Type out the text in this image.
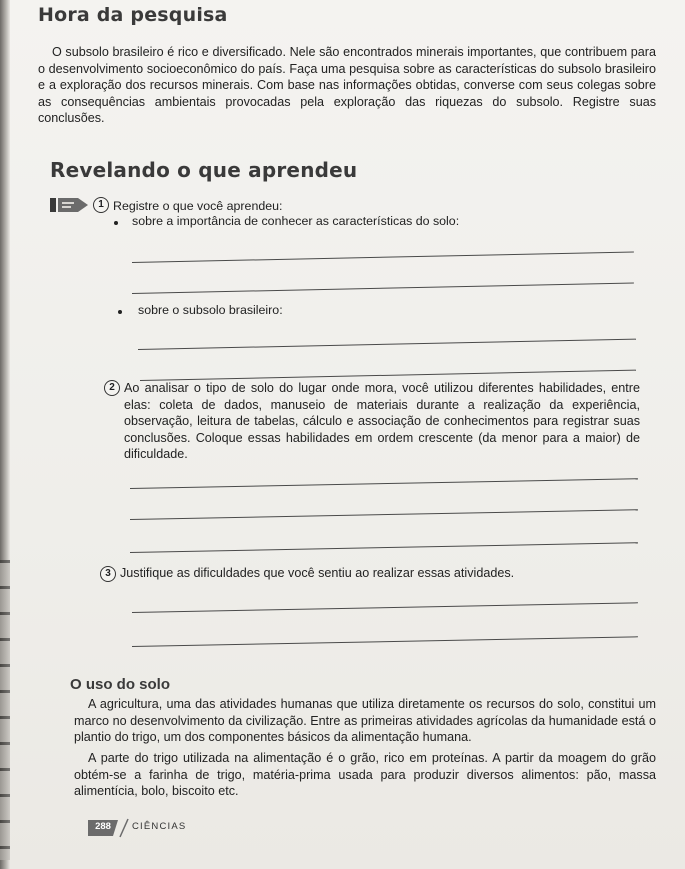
Hora da pesquisa

O subsolo brasileiro é rico e diversificado. Nele são encontrados minerais importantes, que contribuem para o desenvolvimento socioeconômico do país. Faça uma pesquisa sobre as características do subsolo brasileiro e a exploração dos recursos minerais. Com base nas informações obtidas, converse com seus colegas sobre as consequências ambientais provocadas pela exploração das riquezas do subsolo. Registre suas conclusões.

Revelando o que aprendeu
1 Registre o que você aprendeu:
sobre a importância de conhecer as características do solo:
sobre o subsolo brasileiro:
2 Ao analisar o tipo de solo do lugar onde mora, você utilizou diferentes habilidades, entre elas: coleta de dados, manuseio de materiais durante a realização da experiência, observação, leitura de tabelas, cálculo e associação de conhecimentos para registrar suas conclusões. Coloque essas habilidades em ordem crescente (da menor para a maior) de dificuldade.

3 Justifique as dificuldades que você sentiu ao realizar essas atividades.

O uso do solo

A agricultura, uma das atividades humanas que utiliza diretamente os recursos do solo, constitui um marco no desenvolvimento da civilização. Entre as primeiras atividades agrícolas da humanidade está o plantio do trigo, um dos componentes básicos da alimentação humana.

A parte do trigo utilizada na alimentação é o grão, rico em proteínas. A partir da moagem do grão obtém-se a farinha de trigo, matéria-prima usada para produzir diversos alimentos: pão, massa alimentícia, bolo, biscoito etc.

288	CIÊNCIAS
